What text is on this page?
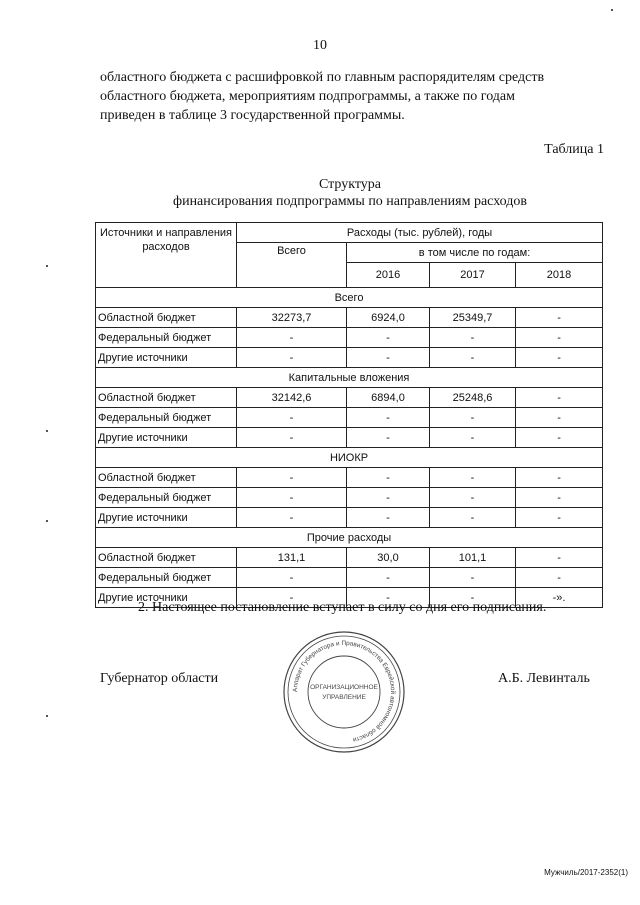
10
областного бюджета с расшифровкой по главным распорядителям средств
областного бюджета, мероприятиям подпрограммы, а также по годам
приведен в таблице 3 государственной программы.
Таблица 1
Структура
финансирования подпрограммы по направлениям расходов
Источники и направления расходов	Расходы (тыс. рублей), годы			
	Всего	в том числе по годам:		
		2016	2017	2018
Всего				
Областной бюджет	32273,7	6924,0	25349,7	-
Федеральный бюджет	-	-	-	-
Другие источники	-	-	-	-
Капитальные вложения				
Областной бюджет	32142,6	6894,0	25248,6	-
Федеральный бюджет	-	-	-	-
Другие источники	-	-	-	-
НИОКР				
Областной бюджет	-	-	-	-
Федеральный бюджет	-	-	-	-
Другие источники	-	-	-	-
Прочие расходы				
Областной бюджет	131,1	30,0	101,1	-
Федеральный бюджет	-	-	-	-
Другие источники	-	-	-	-».
2. Настоящее постановление вступает в силу со дня его подписания.
Губернатор области	А.Б. Левинталь
Аппарат Губернатора и Правительства Еврейской автономной области
ОРГАНИЗАЦИОННОЕ
УПРАВЛЕНИЕ
Мужчиль/2017-2352(1)
